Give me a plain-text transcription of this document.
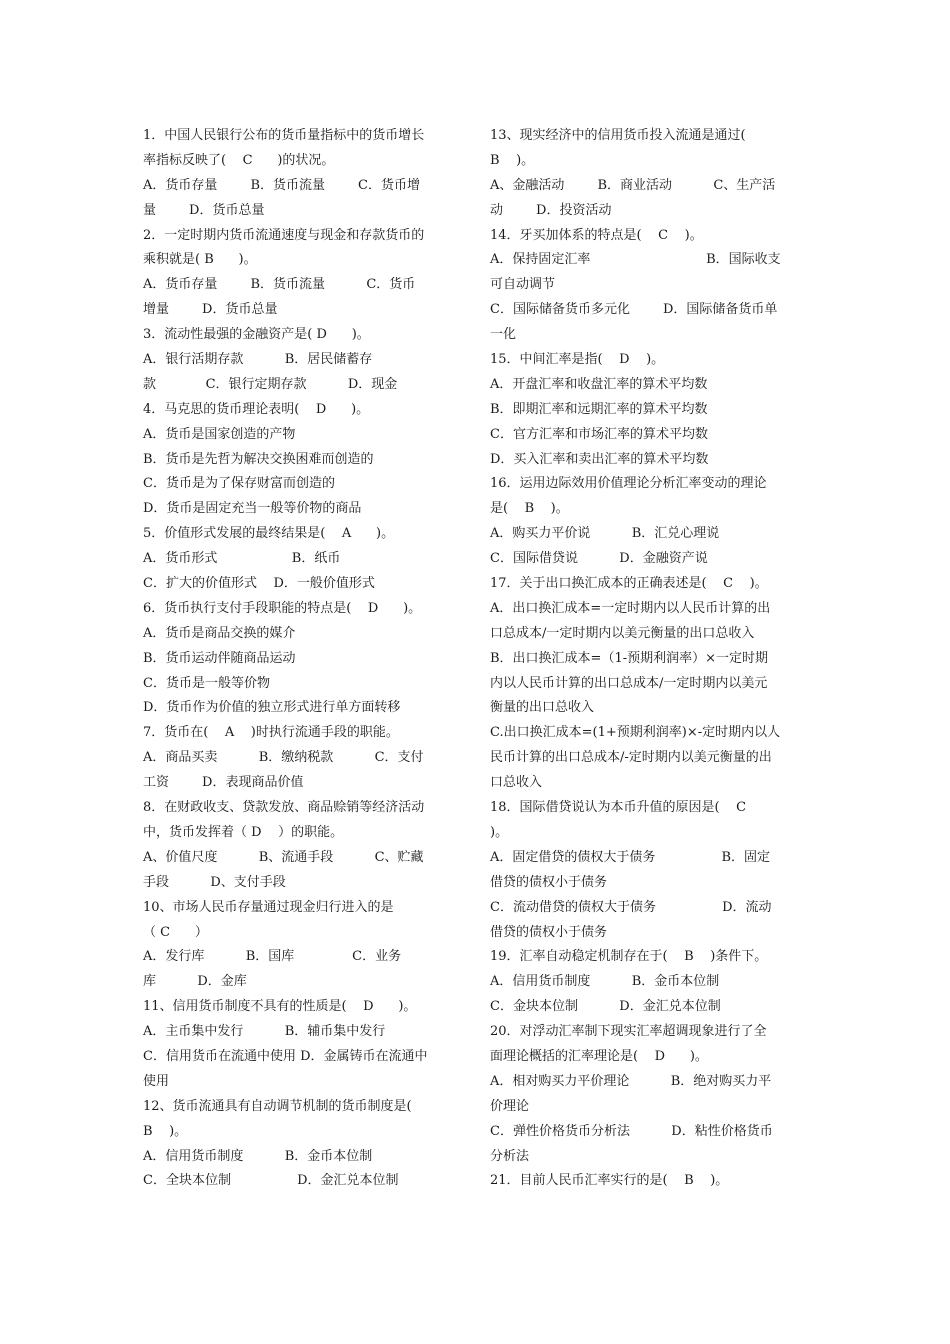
1．中国人民银行公布的货币量指标中的货币增长
率指标反映了(    C      )的状况。
A．货币存量        B．货币流量        C．货币增
量        D．货币总量
2．一定时期内货币流通速度与现金和存款货币的
乘积就是( B      )。
A．货币存量        B．货币流量          C．货币
增量        D．货币总量
3．流动性最强的金融资产是( D      )。
A．银行活期存款          B．居民储蓄存
款            C．银行定期存款          D．现金
4．马克思的货币理论表明(    D      )。
A．货币是国家创造的产物
B．货币是先哲为解决交换困难而创造的
C．货币是为了保存财富而创造的
D．货币是固定充当一般等价物的商品
5．价值形式发展的最终结果是(    A      )。
A．货币形式                  B．纸币
C．扩大的价值形式    D．一般价值形式
6．货币执行支付手段职能的特点是(    D      )。
A．货币是商品交换的媒介
B．货币运动伴随商品运动
C．货币是一般等价物
D．货币作为价值的独立形式进行单方面转移
7．货币在(    A    )时执行流通手段的职能。
A．商品买卖          B．缴纳税款          C．支付
工资        D．表现商品价值
8．在财政收支、贷款发放、商品赊销等经济活动
中，货币发挥着（ D    ）的职能。
A、价值尺度          B、流通手段          C、贮藏
手段          D、支付手段
10、市场人民币存量通过现金归行进入的是
（ C      ）
A．发行库          B．国库              C．业务
库          D．金库
11、信用货币制度不具有的性质是(    D      )。
A．主币集中发行          B．辅币集中发行
C．信用货币在流通中使用 D．金属铸币在流通中
使用
12、货币流通具有自动调节机制的货币制度是(
B    )。
A．信用货币制度          B．金币本位制
C．全块本位制                D．金汇兑本位制
13、现实经济中的信用货币投入流通是通过(
B    )。
A、金融活动        B．商业活动          C、生产活
动        D．投资活动
14．牙买加体系的特点是(    C    )。
A．保持固定汇率                            B．国际收支
可自动调节
C．国际储备货币多元化        D．国际储备货币单
一化
15．中间汇率是指(    D    )。
A．开盘汇率和收盘汇率的算术平均数
B．即期汇率和远期汇率的算术平均数
C．官方汇率和市场汇率的算术平均数
D．买入汇率和卖出汇率的算术平均数
16．运用边际效用价值理论分析汇率变动的理论
是(    B    )。
A．购买力平价说          B．汇兑心理说
C．国际借贷说          D．金融资产说
17．关于出口换汇成本的正确表述是(    C    )。
A．出口换汇成本=一定时期内以人民币计算的出
口总成本/一定时期内以美元衡量的出口总收入
B．出口换汇成本=（1-预期利润率）×一定时期
内以人民币计算的出口总成本/一定时期内以美元
衡量的出口总收入
C.出口换汇成本=(1+预期利润率)×-定时期内以人
民币计算的出口总成本/-定时期内以美元衡量的出
口总收入
18．国际借贷说认为本币升值的原因是(    C
)。
A．固定借贷的债权大于债务                B．固定
借贷的债权小于债务
C．流动借贷的债权大于债务                D．流动
借贷的债权小于债务
19．汇率自动稳定机制存在于(    B    )条件下。
A．信用货币制度          B．金币本位制
C．金块本位制          D．金汇兑本位制
20．对浮动汇率制下现实汇率超调现象进行了全
面理论概括的汇率理论是(    D      )。
A．相对购买力平价理论          B．绝对购买力平
价理论
C．弹性价格货币分析法          D．粘性价格货币
分析法
21．目前人民币汇率实行的是(    B    )。
